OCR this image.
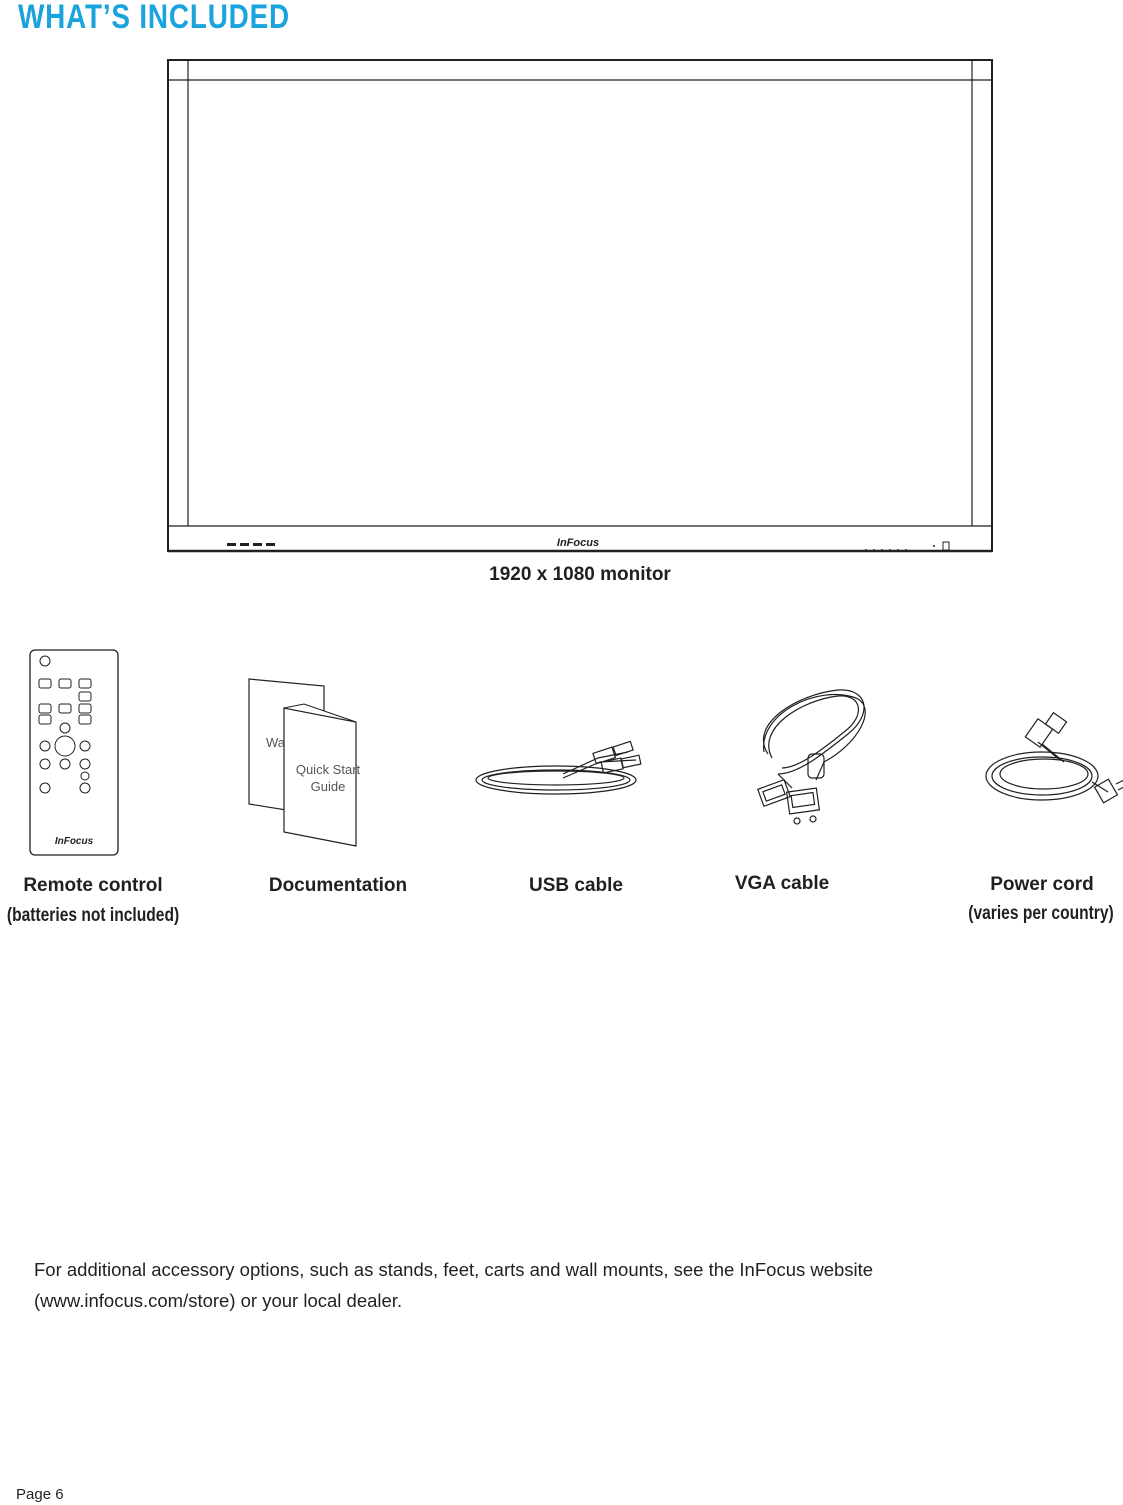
WHAT’S INCLUDED
InFocus
1920 x 1080 monitor
InFocus
Wa
Quick Start
Guide
Remote control
(batteries not included)
Documentation	USB cable	VGA cable	Power cord
(varies per country)
For additional accessory options, such as stands, feet, carts and wall mounts, see the InFocus website
(www.infocus.com/store) or your local dealer.
Page 6
